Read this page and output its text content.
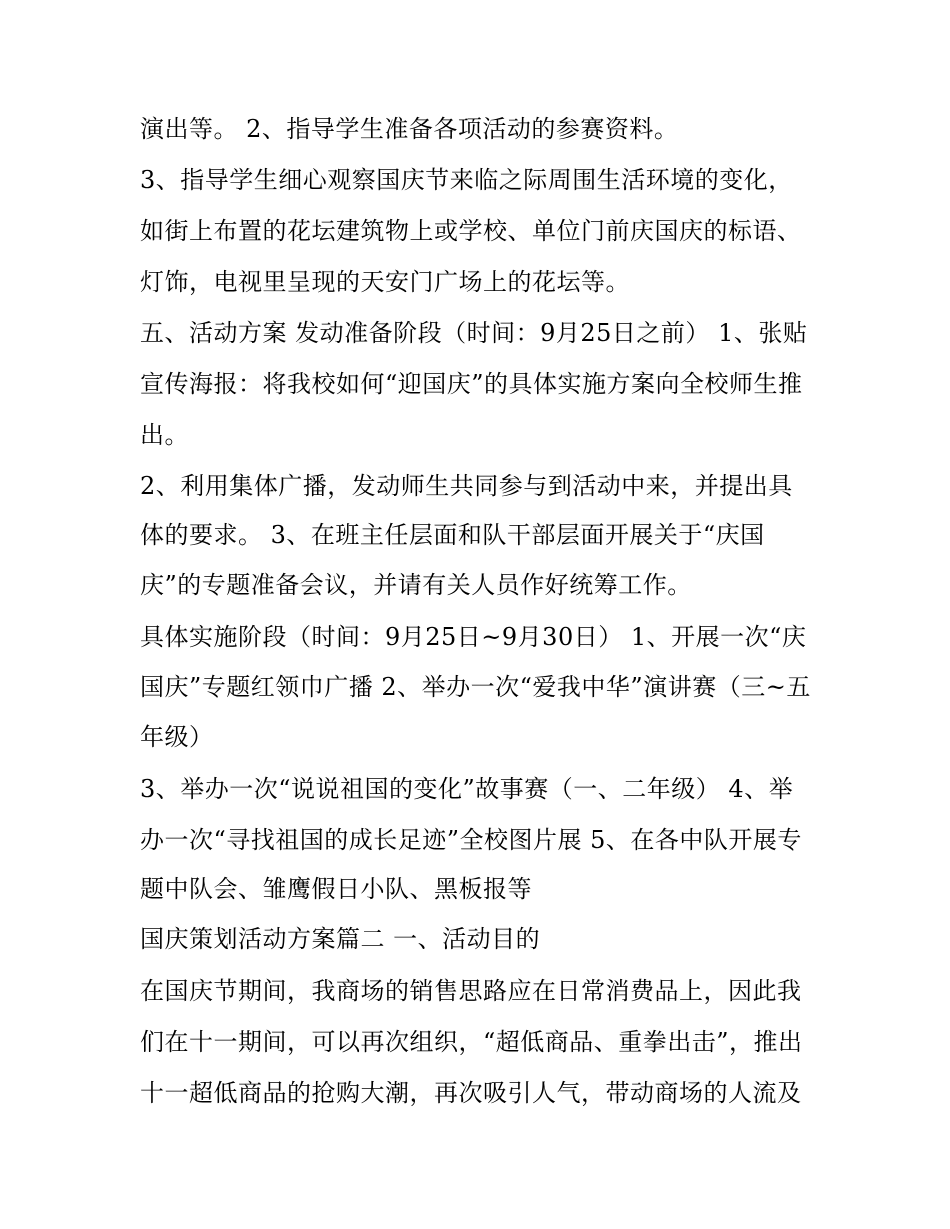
演出等。 2、指导学生准备各项活动的参赛资料。
3、指导学生细心观察国庆节来临之际周围生活环境的变化，
如街上布置的花坛建筑物上或学校、单位门前庆国庆的标语、
灯饰，电视里呈现的天安门广场上的花坛等。
五、活动方案 发动准备阶段（时间：9月25日之前） 1、张贴
宣传海报：将我校如何“迎国庆”的具体实施方案向全校师生推
出。
2、利用集体广播，发动师生共同参与到活动中来，并提出具
体的要求。 3、在班主任层面和队干部层面开展关于“庆国
庆”的专题准备会议，并请有关人员作好统筹工作。
具体实施阶段（时间：9月25日~9月30日） 1、开展一次“庆
国庆”专题红领巾广播 2、举办一次“爱我中华”演讲赛（三~五
年级）
3、举办一次“说说祖国的变化”故事赛（一、二年级） 4、举
办一次“寻找祖国的成长足迹”全校图片展 5、在各中队开展专
题中队会、雏鹰假日小队、黑板报等
国庆策划活动方案篇二 一、活动目的
在国庆节期间，我商场的销售思路应在日常消费品上，因此我
们在十一期间，可以再次组织，“超低商品、重拳出击”，推出
十一超低商品的抢购大潮，再次吸引人气，带动商场的人流及
